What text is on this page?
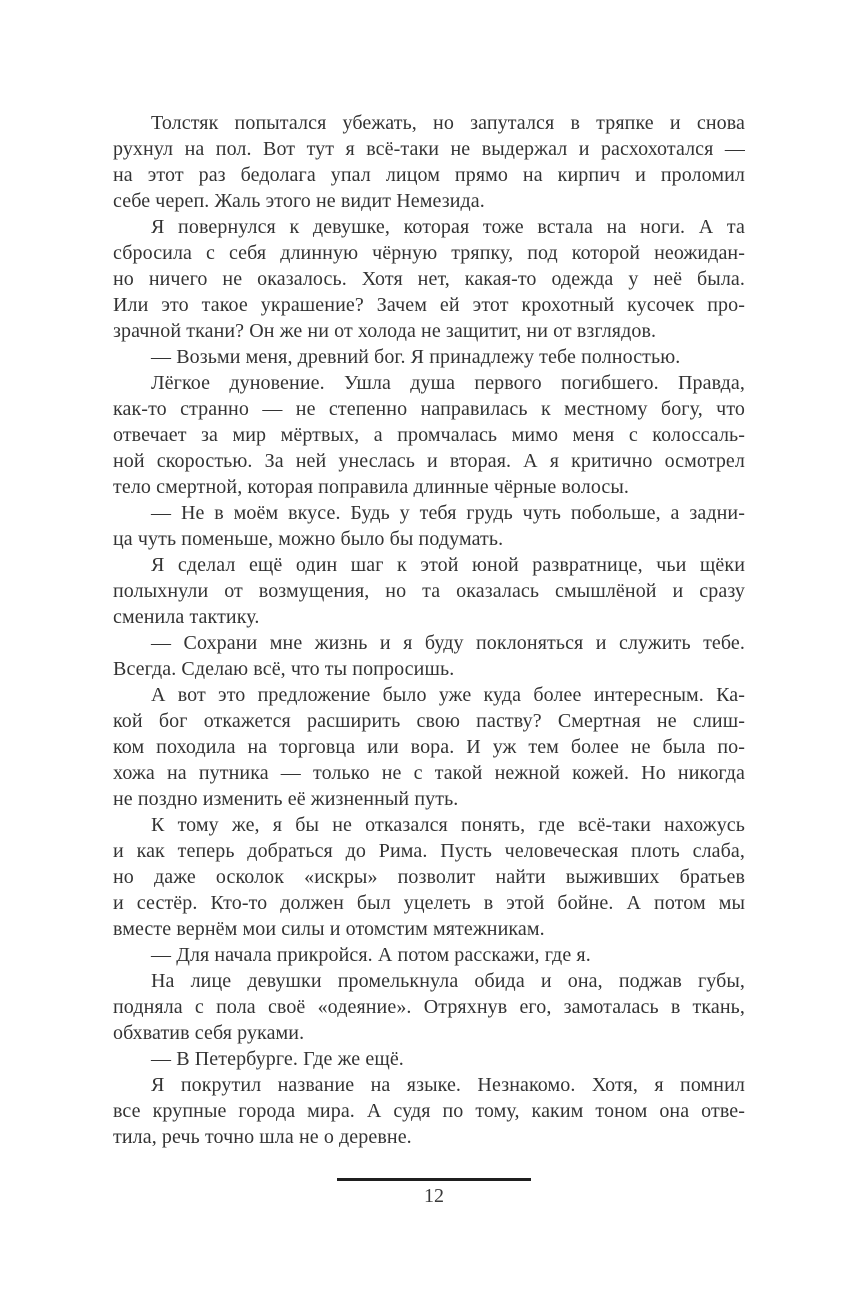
Толстяк попытался убежать, но запутался в тряпке и снова
рухнул на пол. Вот тут я всё-таки не выдержал и расхохотался —
на этот раз бедолага упал лицом прямо на кирпич и проломил
себе череп. Жаль этого не видит Немезида.
Я повернулся к девушке, которая тоже встала на ноги. А та
сбросила с себя длинную чёрную тряпку, под которой неожидан-
но ничего не оказалось. Хотя нет, какая-то одежда у неё была.
Или это такое украшение? Зачем ей этот крохотный кусочек про-
зрачной ткани? Он же ни от холода не защитит, ни от взглядов.
— Возьми меня, древний бог. Я принадлежу тебе полностью.
Лёгкое дуновение. Ушла душа первого погибшего. Правда,
как-то странно — не степенно направилась к местному богу, что
отвечает за мир мёртвых, а промчалась мимо меня с колоссаль-
ной скоростью. За ней унеслась и вторая. А я критично осмотрел
тело смертной, которая поправила длинные чёрные волосы.
— Не в моём вкусе. Будь у тебя грудь чуть побольше, а задни-
ца чуть поменьше, можно было бы подумать.
Я сделал ещё один шаг к этой юной развратнице, чьи щёки
полыхнули от возмущения, но та оказалась смышлёной и сразу
сменила тактику.
— Сохрани мне жизнь и я буду поклоняться и служить тебе.
Всегда. Сделаю всё, что ты попросишь.
А вот это предложение было уже куда более интересным. Ка-
кой бог откажется расширить свою паству? Смертная не слиш-
ком походила на торговца или вора. И уж тем более не была по-
хожа на путника — только не с такой нежной кожей. Но никогда
не поздно изменить её жизненный путь.
К тому же, я бы не отказался понять, где всё-таки нахожусь
и как теперь добраться до Рима. Пусть человеческая плоть слаба,
но даже осколок «искры» позволит найти выживших братьев
и сестёр. Кто-то должен был уцелеть в этой бойне. А потом мы
вместе вернём мои силы и отомстим мятежникам.
— Для начала прикройся. А потом расскажи, где я.
На лице девушки промелькнула обида и она, поджав губы,
подняла с пола своё «одеяние». Отряхнув его, замоталась в ткань,
обхватив себя руками.
— В Петербурге. Где же ещё.
Я покрутил название на языке. Незнакомо. Хотя, я помнил
все крупные города мира. А судя по тому, каким тоном она отве-
тила, речь точно шла не о деревне.
12
